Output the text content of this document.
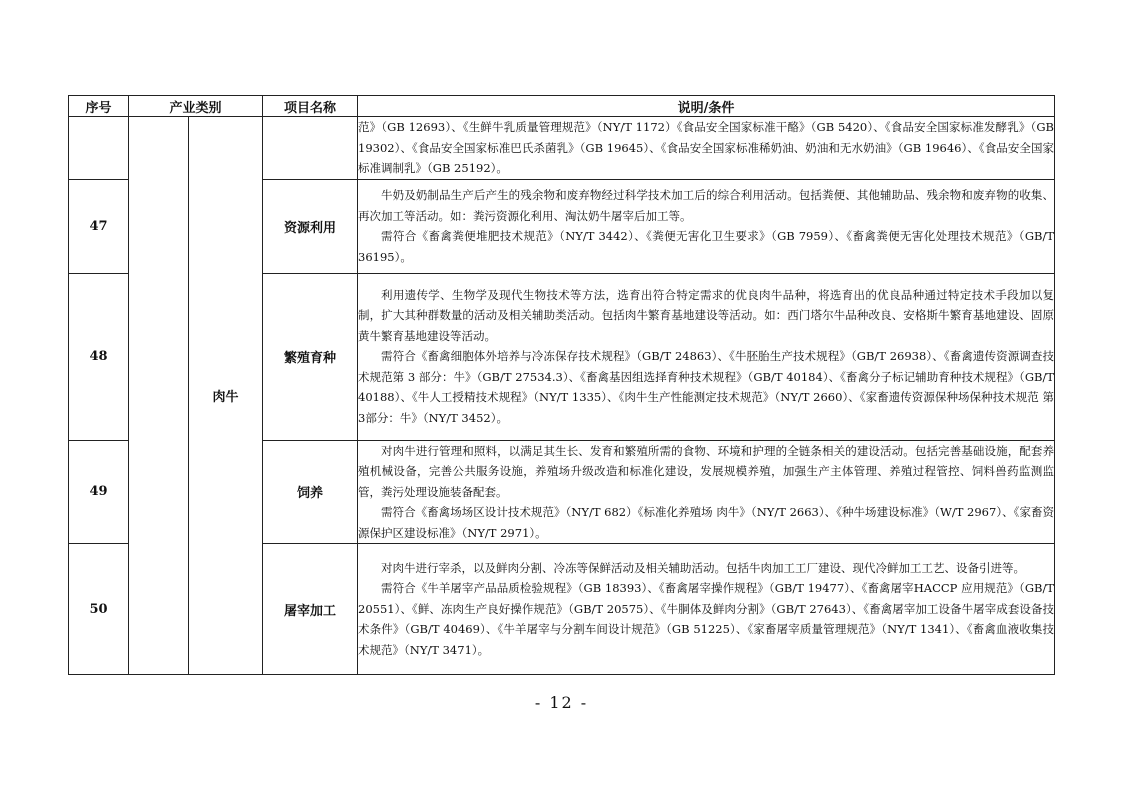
序号	产业类别		项目名称	说明/条件
		肉牛		范》（GB 12693）、《生鲜牛乳质量管理规范》（NY/T 1172）《食品安全国家标准干酪》（GB 5420）、《食品安全国家标准发酵乳》（GB 19302）、《食品安全国家标准巴氏杀菌乳》（GB 19645）、《食品安全国家标准稀奶油、奶油和无水奶油》（GB 19646）、《食品安全国家标准调制乳》（GB 25192）。

47			资源利用	牛奶及奶制品生产后产生的残余物和废弃物经过科学技术加工后的综合利用活动。包括粪便、其他辅助品、残余物和废弃物的收集、再次加工等活动。如：粪污资源化利用、淘汰奶牛屠宰后加工等。

需符合《畜禽粪便堆肥技术规范》（NY/T 3442）、《粪便无害化卫生要求》（GB 7959）、《畜禽粪便无害化处理技术规范》（GB/T 36195）。

48			繁殖育种	利用遗传学、生物学及现代生物技术等方法，选育出符合特定需求的优良肉牛品种，将选育出的优良品种通过特定技术手段加以复制，扩大其种群数量的活动及相关辅助类活动。包括肉牛繁育基地建设等活动。如：西门塔尔牛品种改良、安格斯牛繁育基地建设、固原黄牛繁育基地建设等活动。

需符合《畜禽细胞体外培养与冷冻保存技术规程》（GB/T 24863）、《牛胚胎生产技术规程》（GB/T 26938）、《畜禽遗传资源调查技术规范第 3 部分：牛》（GB/T 27534.3）、《畜禽基因组选择育种技术规程》（GB/T 40184）、《畜禽分子标记辅助育种技术规程》（GB/T 40188）、《牛人工授精技术规程》（NY/T 1335）、《肉牛生产性能测定技术规范》（NY/T 2660）、《家畜遗传资源保种场保种技术规范 第3部分：牛》（NY/T 3452）。

49			饲养	对肉牛进行管理和照料，以满足其生长、发育和繁殖所需的食物、环境和护理的全链条相关的建设活动。包括完善基础设施，配套养殖机械设备，完善公共服务设施，养殖场升级改造和标准化建设，发展规模养殖，加强生产主体管理、养殖过程管控、饲料兽药监测监管，粪污处理设施装备配套。

需符合《畜禽场场区设计技术规范》（NY/T 682）《标准化养殖场 肉牛》（NY/T 2663）、《种牛场建设标准》（W/T 2967）、《家畜资源保护区建设标准》（NY/T 2971）。

50			屠宰加工	对肉牛进行宰杀，以及鲜肉分割、冷冻等保鲜活动及相关辅助活动。包括牛肉加工工厂建设、现代冷鲜加工工艺、设备引进等。

需符合《牛羊屠宰产品品质检验规程》（GB 18393）、《畜禽屠宰操作规程》（GB/T 19477）、《畜禽屠宰HACCP 应用规范》（GB/T 20551）、《鲜、冻肉生产良好操作规范》（GB/T 20575）、《牛胴体及鲜肉分割》（GB/T 27643）、《畜禽屠宰加工设备牛屠宰成套设备技术条件》（GB/T 40469）、《牛羊屠宰与分割车间设计规范》（GB 51225）、《家畜屠宰质量管理规范》（NY/T 1341）、《畜禽血液收集技术规范》（NY/T 3471）。

- 12 -
